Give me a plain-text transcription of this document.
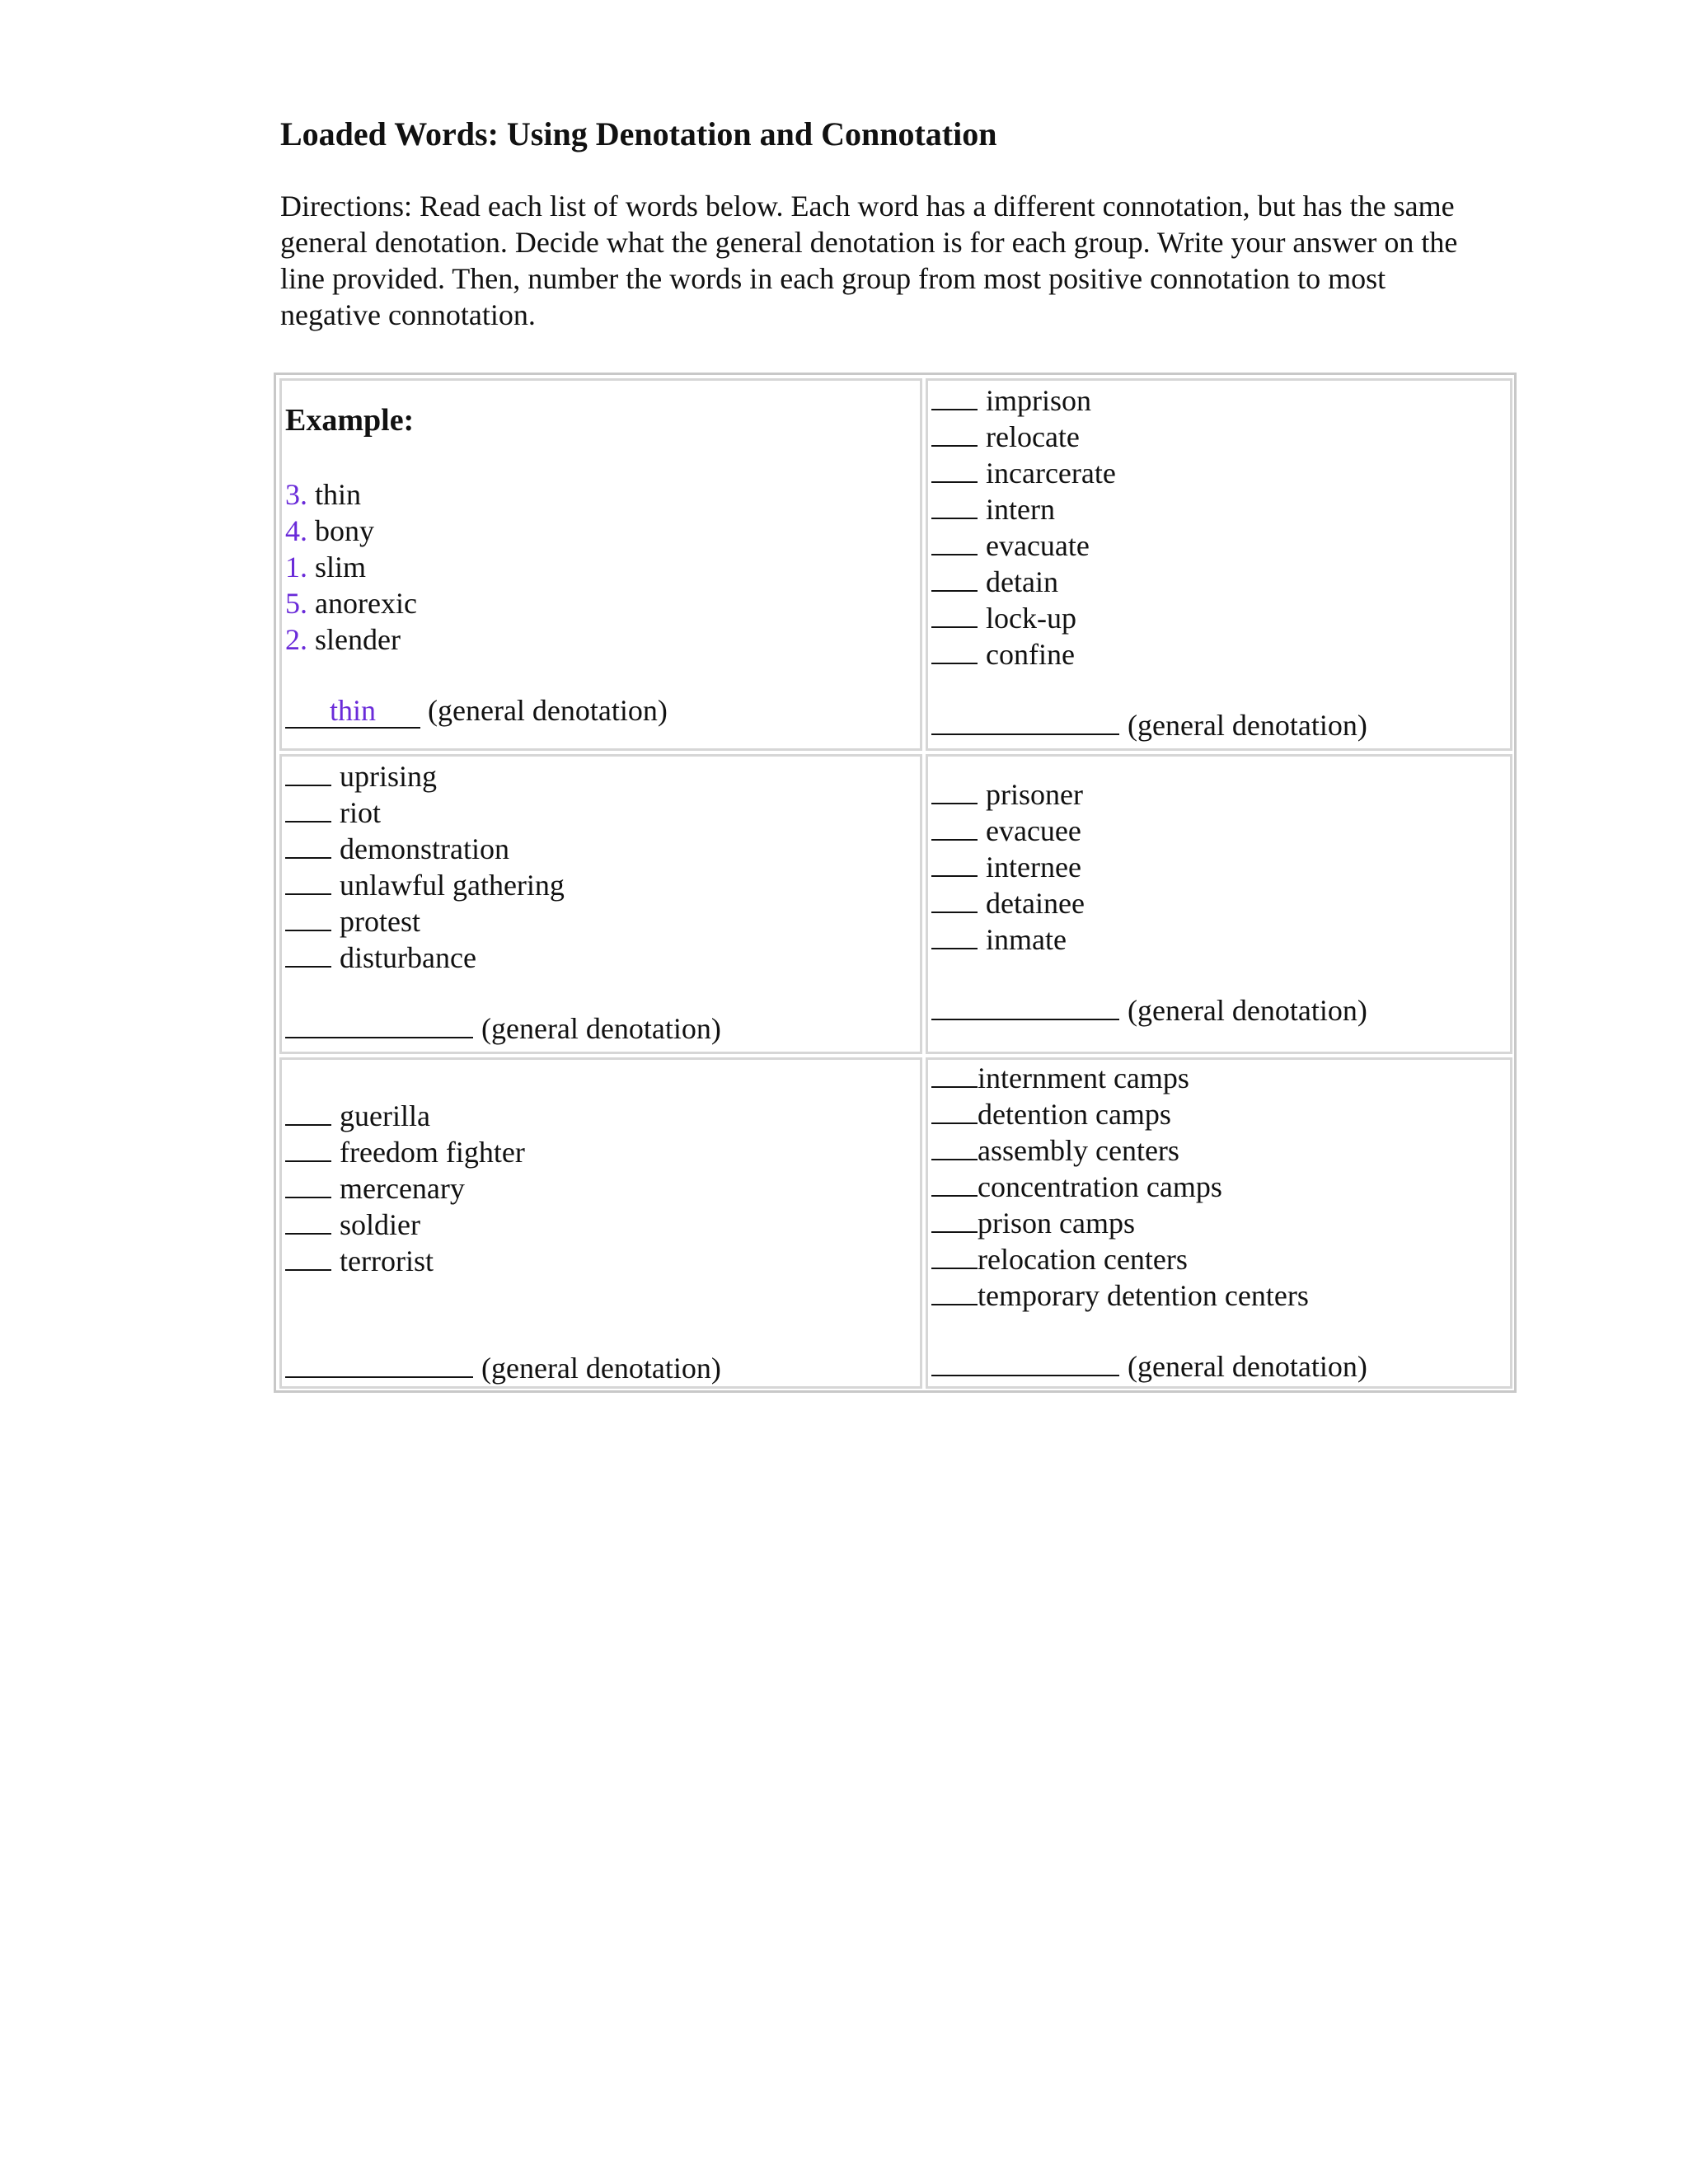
Loaded Words: Using Denotation and Connotation
Directions: Read each list of words below. Each word has a different connotation, but has the same general denotation. Decide what the general denotation is for each group. Write your answer on the line provided. Then, number the words in each group from most positive connotation to most negative connotation.
Example:
3. thin
4. bony
1. slim
5. anorexic
2. slender
thin (general denotation)
imprison
relocate
incarcerate
intern
evacuate
detain
lock-up
confine
(general denotation)
uprising
riot
demonstration
unlawful gathering
protest
disturbance
(general denotation)
prisoner
evacuee
internee
detainee
inmate
(general denotation)
guerilla
freedom fighter
mercenary
soldier
terrorist
(general denotation)
internment camps
detention camps
assembly centers
concentration camps
prison camps
relocation centers
temporary detention centers
(general denotation)
